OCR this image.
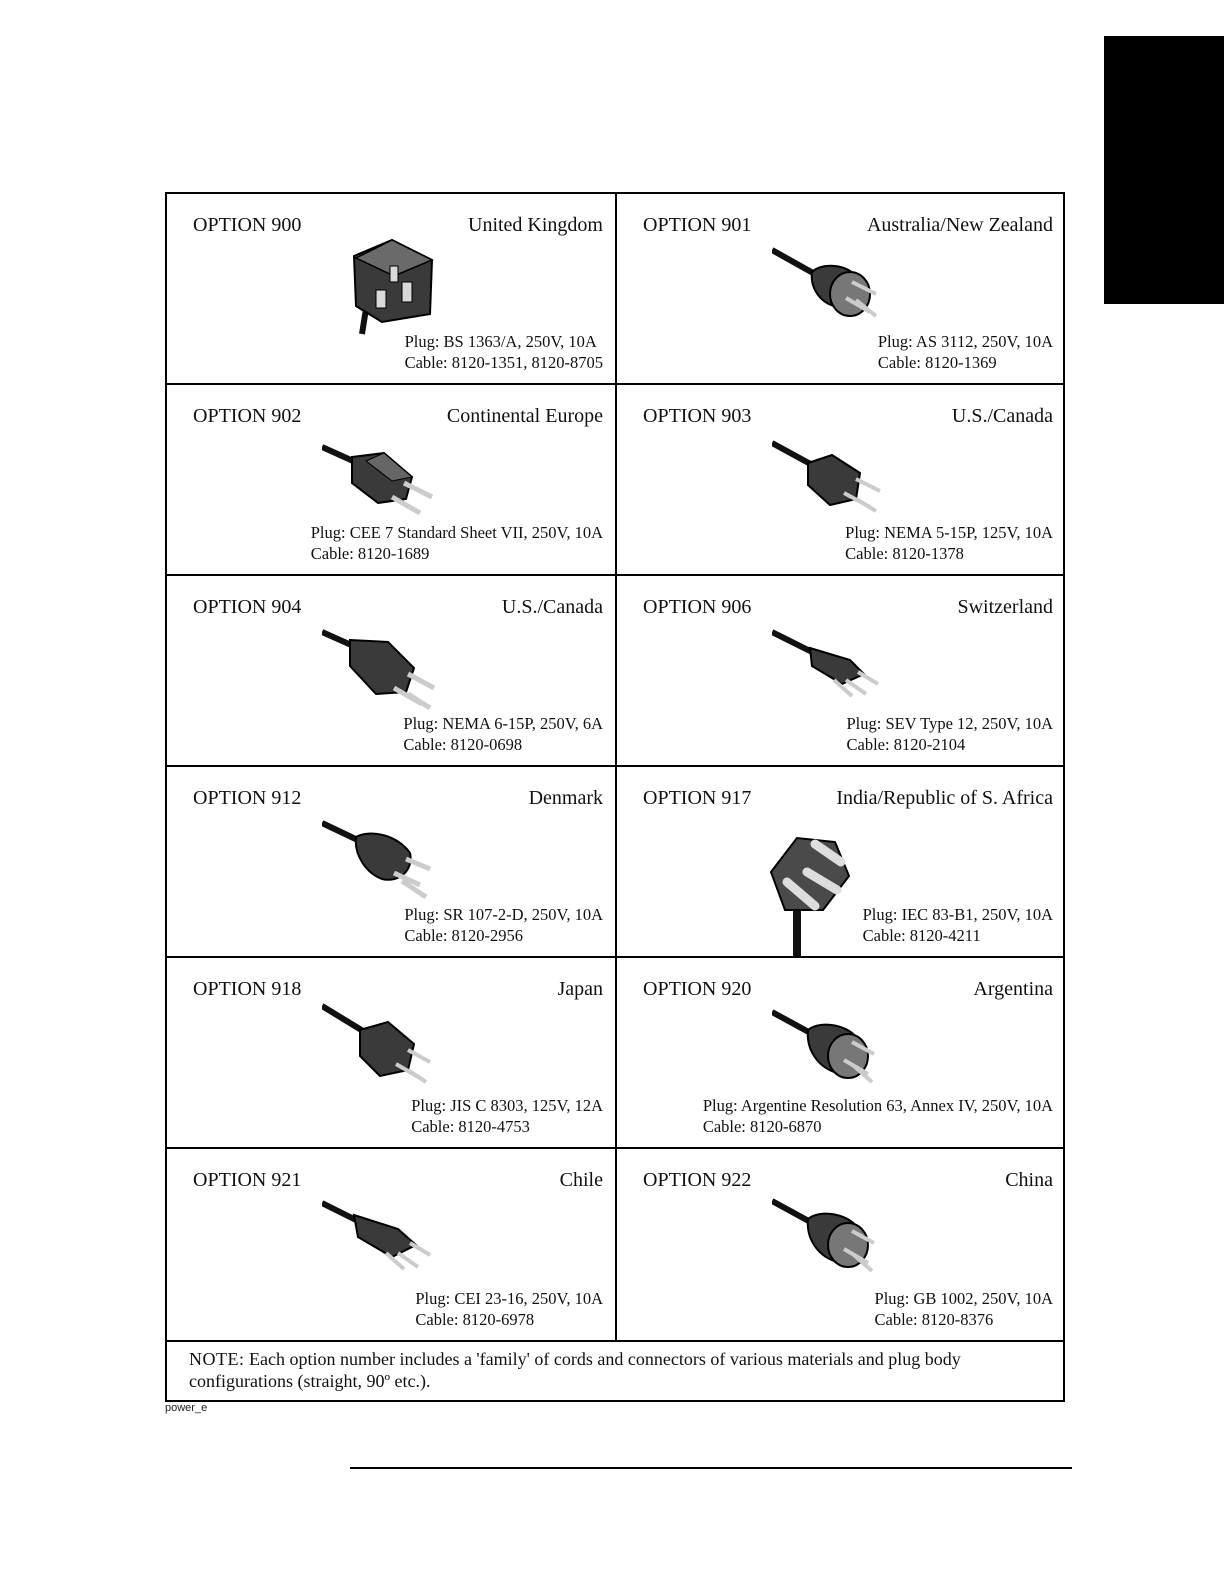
OPTION 900	United Kingdom
Plug: BS 1363/A, 250V, 10A
Cable: 8120-1351, 8120-8705
OPTION 901	Australia/New Zealand
Plug: AS 3112, 250V, 10A
Cable: 8120-1369
OPTION 902	Continental Europe
Plug: CEE 7 Standard Sheet VII, 250V, 10A
Cable: 8120-1689
OPTION 903	U.S./Canada
Plug: NEMA 5-15P, 125V, 10A
Cable: 8120-1378
OPTION 904	U.S./Canada
Plug: NEMA 6-15P, 250V, 6A
Cable: 8120-0698
OPTION 906	Switzerland
Plug: SEV Type 12, 250V, 10A
Cable: 8120-2104
OPTION 912	Denmark
Plug: SR 107-2-D, 250V, 10A
Cable: 8120-2956
OPTION 917	India/Republic of S. Africa
Plug: IEC 83-B1, 250V, 10A
Cable: 8120-4211
OPTION 918	Japan
Plug: JIS C 8303, 125V, 12A
Cable: 8120-4753
OPTION 920	Argentina
Plug: Argentine Resolution 63, Annex IV, 250V, 10A
Cable: 8120-6870
OPTION 921	Chile
Plug: CEI 23-16, 250V, 10A
Cable: 8120-6978
OPTION 922	China
Plug: GB 1002, 250V, 10A
Cable: 8120-8376
NOTE: Each option number includes a 'family' of cords and connectors of various materials and plug body configurations (straight, 90º etc.).
power_e
